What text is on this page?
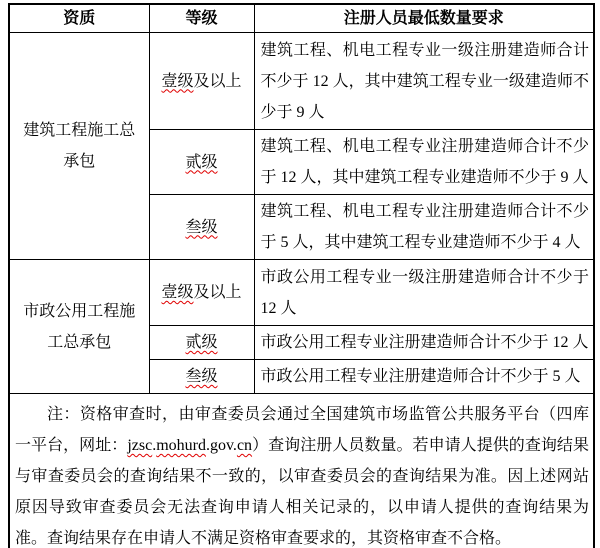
资质	等级	注册人员最低数量要求
建筑工程施工总承包	壹级及以上	建筑工程、机电工程专业一级注册建造师合计不少于 12 人，其中建筑工程专业一级建造师不少于 9 人
	贰级	建筑工程、机电工程专业注册建造师合计不少于 12 人，其中建筑工程专业建造师不少于 9 人
	叁级	建筑工程、机电工程专业注册建造师合计不少于 5 人，其中建筑工程专业建造师不少于 4 人
市政公用工程施工总承包	壹级及以上	市政公用工程专业一级注册建造师合计不少于 12 人
	贰级	市政公用工程专业注册建造师合计不少于 12 人
	叁级	市政公用工程专业注册建造师合计不少于 5 人

注：资格审查时，由审查委员会通过全国建筑市场监管公共服务平台（四库一平台，网址：jzsc.mohurd.gov.cn）查询注册人员数量。若申请人提供的查询结果与审查委员会的查询结果不一致的，以审查委员会的查询结果为准。因上述网站原因导致审查委员会无法查询申请人相关记录的，以申请人提供的查询结果为准。查询结果存在申请人不满足资格审查要求的，其资格审查不合格。		
